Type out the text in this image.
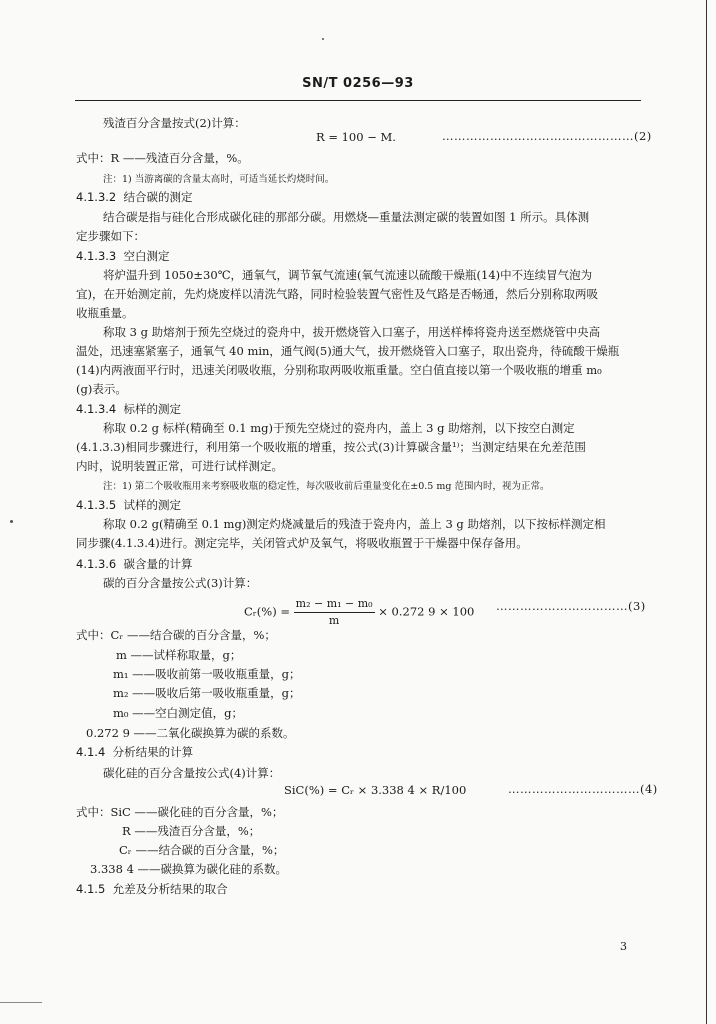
SN/T 0256—93
残渣百分含量按式(2)计算：
R = 100 − M.	…………………………………………(2)
式中：R ——残渣百分含量，%。
注：1) 当游离碳的含量太高时，可适当延长灼烧时间。
4.1.3.2 结合碳的测定
结合碳是指与硅化合形成碳化硅的那部分碳。用燃烧—重量法测定碳的装置如图 1 所示。具体测
定步骤如下：
4.1.3.3 空白测定
将炉温升到 1050±30℃，通氧气，调节氧气流速(氧气流速以硫酸干燥瓶(14)中不连续冒气泡为
宜)，在开始测定前，先灼烧废样以清洗气路，同时检验装置气密性及气路是否畅通，然后分别称取两吸
收瓶重量。
称取 3 g 助熔剂于预先空烧过的瓷舟中，拔开燃烧管入口塞子，用送样棒将瓷舟送至燃烧管中央高
温处，迅速塞紧塞子，通氧气 40 min，通气阀(5)通大气，拔开燃烧管入口塞子，取出瓷舟，待硫酸干燥瓶
(14)内两液面平行时，迅速关闭吸收瓶，分别称取两吸收瓶重量。空白值直接以第一个吸收瓶的增重 m₀
(g)表示。
4.1.3.4 标样的测定
称取 0.2 g 标样(精确至 0.1 mg)于预先空烧过的瓷舟内，盖上 3 g 助熔剂，以下按空白测定
(4.1.3.3)相同步骤进行，利用第一个吸收瓶的增重，按公式(3)计算碳含量¹⁾；当测定结果在允差范围
内时，说明装置正常，可进行试样测定。
注：1) 第二个吸收瓶用来考察吸收瓶的稳定性，每次吸收前后重量变化在±0.5 mg 范围内时，视为正常。
4.1.3.5 试样的测定
称取 0.2 g(精确至 0.1 mg)测定灼烧减量后的残渣于瓷舟内，盖上 3 g 助熔剂，以下按标样测定相
同步骤(4.1.3.4)进行。测定完毕，关闭管式炉及氧气，将吸收瓶置于干燥器中保存备用。
4.1.3.6 碳含量的计算
碳的百分含量按公式(3)计算：
Cᵣ(%) = $\frac{\text{m₂ − m₁ − m₀}}{m} \times 0.272$ 9 × 100 ……………………………(3)
式中：Cᵣ ——结合碳的百分含量，%；
m ——试样称取量，g；
m₁ ——吸收前第一吸收瓶重量，g；
m₂ ——吸收后第一吸收瓶重量，g；
m₀ ——空白测定值，g；
0.272 9 ——二氧化碳换算为碳的系数。
4.1.4 分析结果的计算
碳化硅的百分含量按公式(4)计算：
SiC(%) = Cᵣ × 3.338 4 × R/100	……………………………(4)
式中：SiC ——碳化硅的百分含量，%；
R ——残渣百分含量，%；
Cᵣ ——结合碳的百分含量，%；
3.338 4 ——碳换算为碳化硅的系数。
4.1.5 允差及分析结果的取合
3
